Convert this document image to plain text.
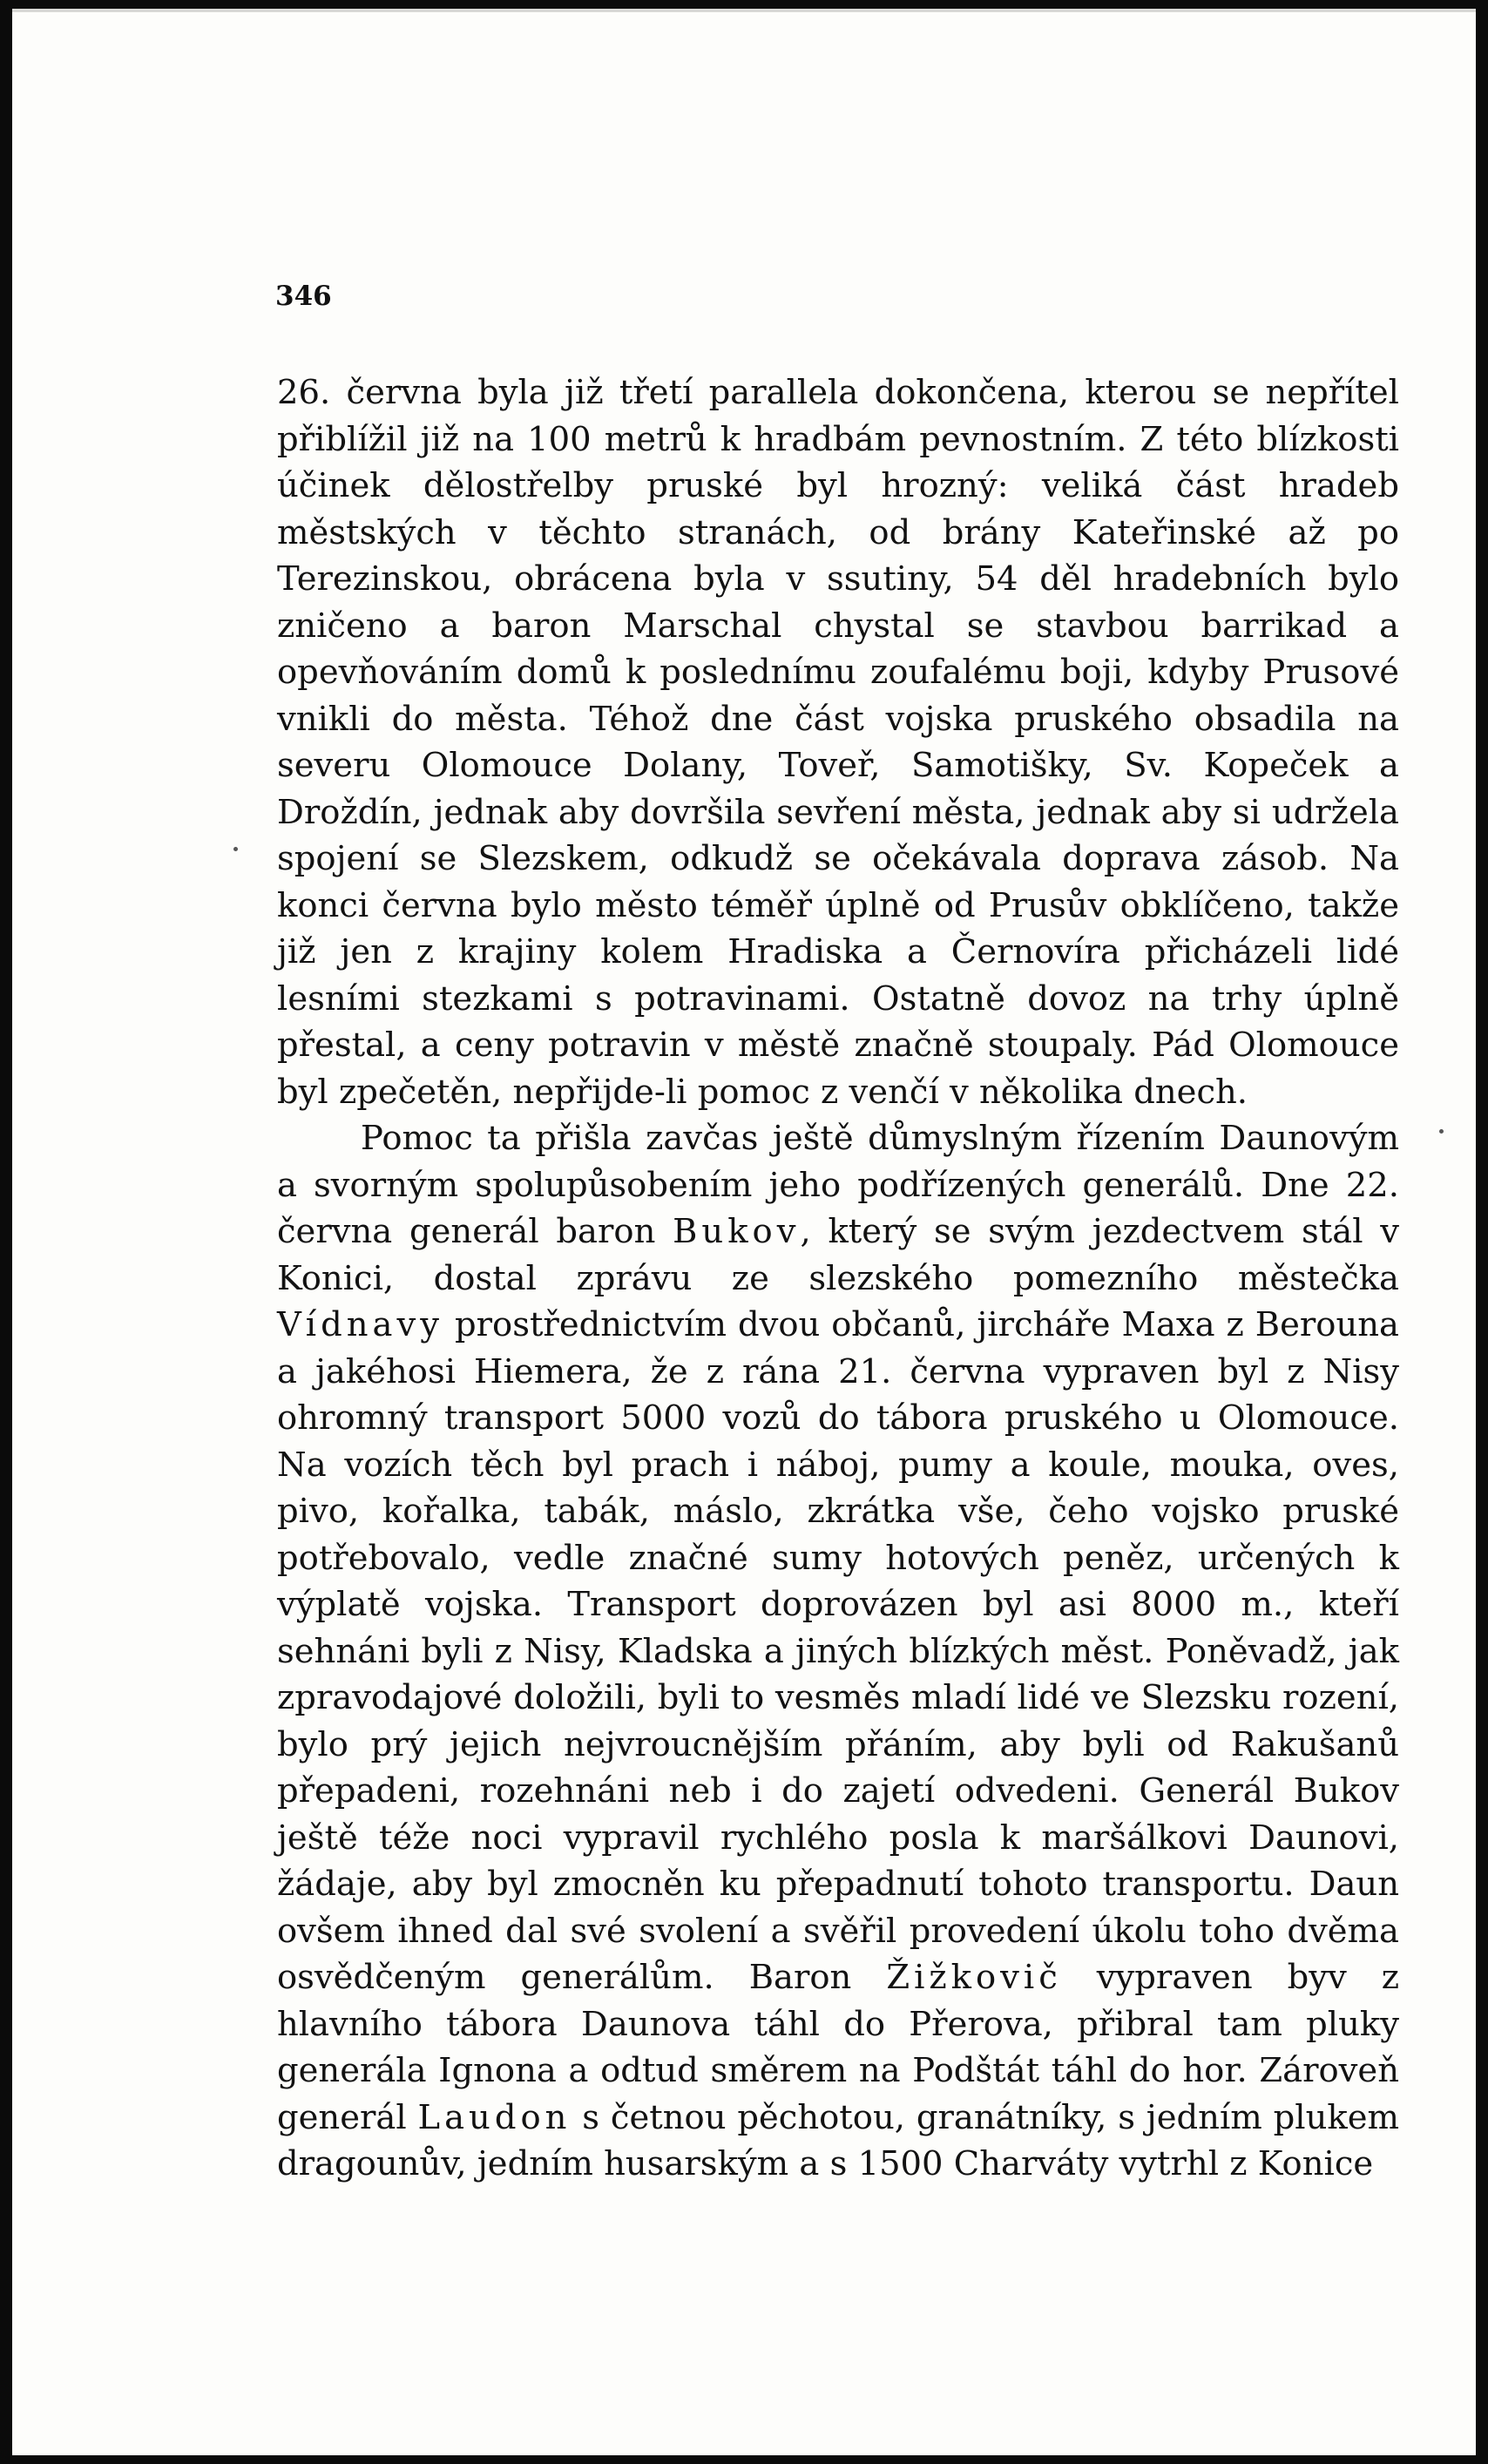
346

26. června byla již třetí parallela dokončena, kterou se nepřítel přiblížil již na 100 metrů k hradbám pevnostním. Z této blízkosti účinek dělostřelby pruské byl hrozný: veliká část hradeb městských v těchto stranách, od brány Kateřinské až po Terezinskou, obrácena byla v ssutiny, 54 děl hradebních bylo zničeno a baron Marschal chystal se stavbou barrikad a opevňováním domů k poslednímu zoufalému boji, kdyby Prusové vnikli do města. Téhož dne část vojska pruského obsadila na severu Olomouce Dolany, Toveř, Samotišky, Sv. Kopeček a Droždín, jednak aby dovršila sevření města, jednak aby si udržela spojení se Slezskem, odkudž se očekávala doprava zásob. Na konci června bylo město téměř úplně od Prusův obklíčeno, takže již jen z krajiny kolem Hradiska a Černovíra přicházeli lidé lesními stezkami s potravinami. Ostatně dovoz na trhy úplně přestal, a ceny potravin v městě značně stoupaly. Pád Olomouce byl zpečetěn, nepřijde-li pomoc z venčí v několika dnech.

Pomoc ta přišla zavčas ještě důmyslným řízením Daunovým a svorným spolupůsobením jeho podřízených generálů. Dne 22. června generál baron Bukov, který se svým jezdectvem stál v Konici, dostal zprávu ze slezského pomezního městečka Vídnavy prostřednictvím dvou občanů, jircháře Maxa z Berouna a jakéhosi Hiemera, že z rána 21. června vypraven byl z Nisy ohromný transport 5000 vozů do tábora pruského u Olomouce. Na vozích těch byl prach i náboj, pumy a koule, mouka, oves, pivo, kořalka, tabák, máslo, zkrátka vše, čeho vojsko pruské potřebovalo, vedle značné sumy hotových peněz, určených k výplatě vojska. Transport doprovázen byl asi 8000 m., kteří sehnáni byli z Nisy, Kladska a jiných blízkých měst. Poněvadž, jak zpravodajové doložili, byli to vesměs mladí lidé ve Slezsku rození, bylo prý jejich nejvroucnějším přáním, aby byli od Rakušanů přepadeni, rozehnáni neb i do zajetí odvedeni. Generál Bukov ještě téže noci vypravil rychlého posla k maršálkovi Daunovi, žádaje, aby byl zmocněn ku přepadnutí tohoto transportu. Daun ovšem ihned dal své svolení a svěřil provedení úkolu toho dvěma osvědčeným generálům. Baron Žižkovič vypraven byv z hlavního tábora Daunova táhl do Přerova, přibral tam pluky generála Ignona a odtud směrem na Podštát táhl do hor. Zároveň generál Laudon s četnou pěchotou, granátníky, s jedním plukem dragounův, jedním husarským a s 1500 Charváty vytrhl z Konice
